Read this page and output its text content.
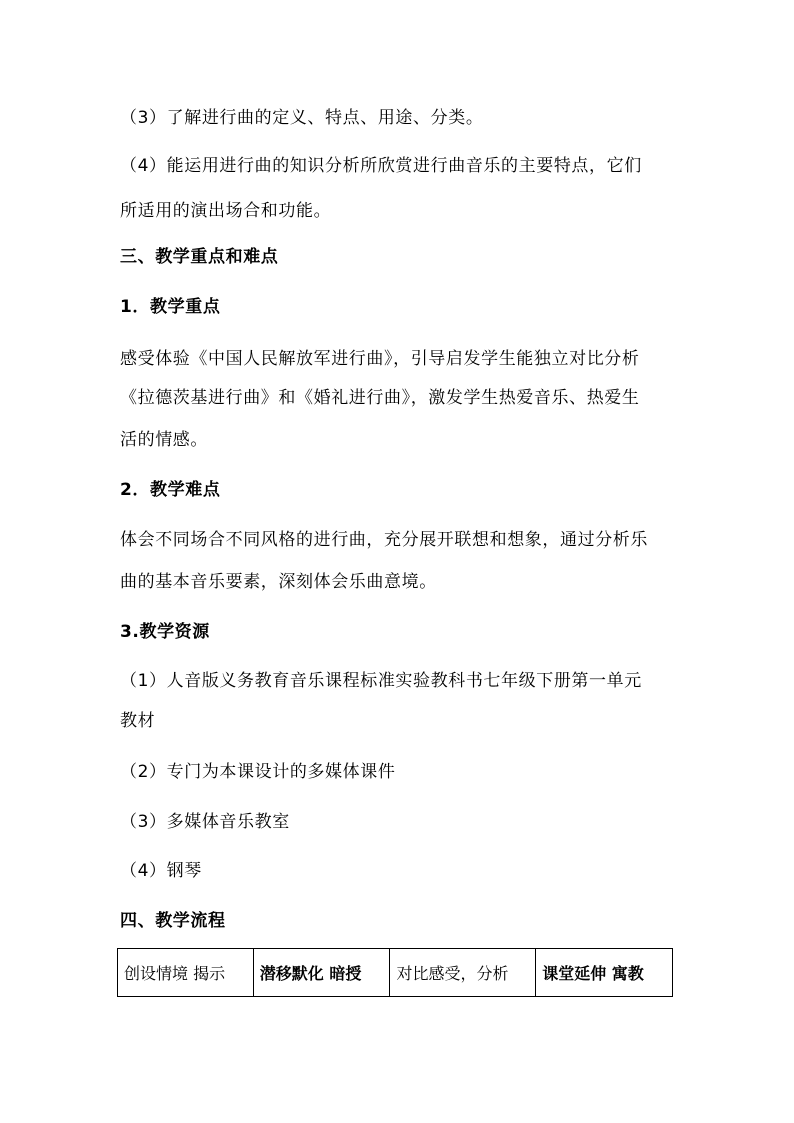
（3）了解进行曲的定义、特点、用途、分类。
（4）能运用进行曲的知识分析所欣赏进行曲音乐的主要特点，它们
所适用的演出场合和功能。
三、教学重点和难点
1．教学重点
感受体验《中国人民解放军进行曲》，引导启发学生能独立对比分析
《拉德茨基进行曲》和《婚礼进行曲》，激发学生热爱音乐、热爱生
活的情感。
2．教学难点
体会不同场合不同风格的进行曲，充分展开联想和想象，通过分析乐
曲的基本音乐要素，深刻体会乐曲意境。
3.教学资源
（1）人音版义务教育音乐课程标准实验教科书七年级下册第一单元
教材
（2）专门为本课设计的多媒体课件
（3）多媒体音乐教室
（4）钢琴
四、教学流程
创设情境 揭示	潜移默化 暗授	对比感受，分析	课堂延伸 寓教
